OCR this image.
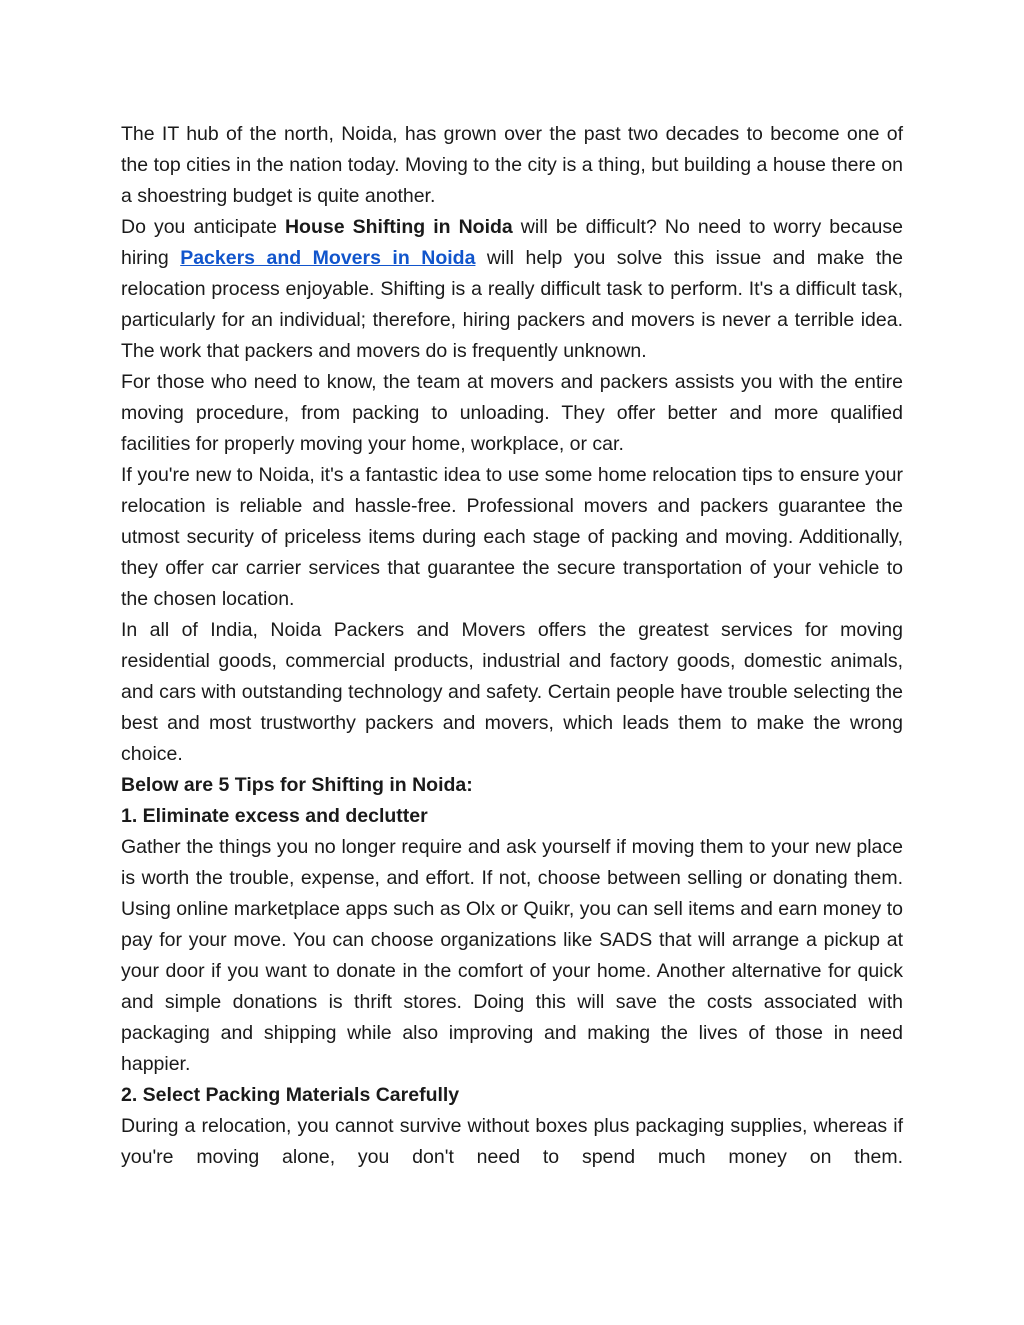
The IT hub of the north, Noida, has grown over the past two decades to become one of the top cities in the nation today. Moving to the city is a thing, but building a house there on a shoestring budget is quite another.

Do you anticipate House Shifting in Noida will be difficult? No need to worry because hiring Packers and Movers in Noida will help you solve this issue and make the relocation process enjoyable. Shifting is a really difficult task to perform. It's a difficult task, particularly for an individual; therefore, hiring packers and movers is never a terrible idea. The work that packers and movers do is frequently unknown.

For those who need to know, the team at movers and packers assists you with the entire moving procedure, from packing to unloading. They offer better and more qualified facilities for properly moving your home, workplace, or car.

If you're new to Noida, it's a fantastic idea to use some home relocation tips to ensure your relocation is reliable and hassle-free. Professional movers and packers guarantee the utmost security of priceless items during each stage of packing and moving. Additionally, they offer car carrier services that guarantee the secure transportation of your vehicle to the chosen location.

In all of India, Noida Packers and Movers offers the greatest services for moving residential goods, commercial products, industrial and factory goods, domestic animals, and cars with outstanding technology and safety. Certain people have trouble selecting the best and most trustworthy packers and movers, which leads them to make the wrong choice.

Below are 5 Tips for Shifting in Noida:
1. Eliminate excess and declutter

Gather the things you no longer require and ask yourself if moving them to your new place is worth the trouble, expense, and effort. If not, choose between selling or donating them. Using online marketplace apps such as Olx or Quikr, you can sell items and earn money to pay for your move. You can choose organizations like SADS that will arrange a pickup at your door if you want to donate in the comfort of your home. Another alternative for quick and simple donations is thrift stores. Doing this will save the costs associated with packaging and shipping while also improving and making the lives of those in need happier.

2. Select Packing Materials Carefully

During a relocation, you cannot survive without boxes plus packaging supplies, whereas if you're moving alone, you don't need to spend much money on them.
